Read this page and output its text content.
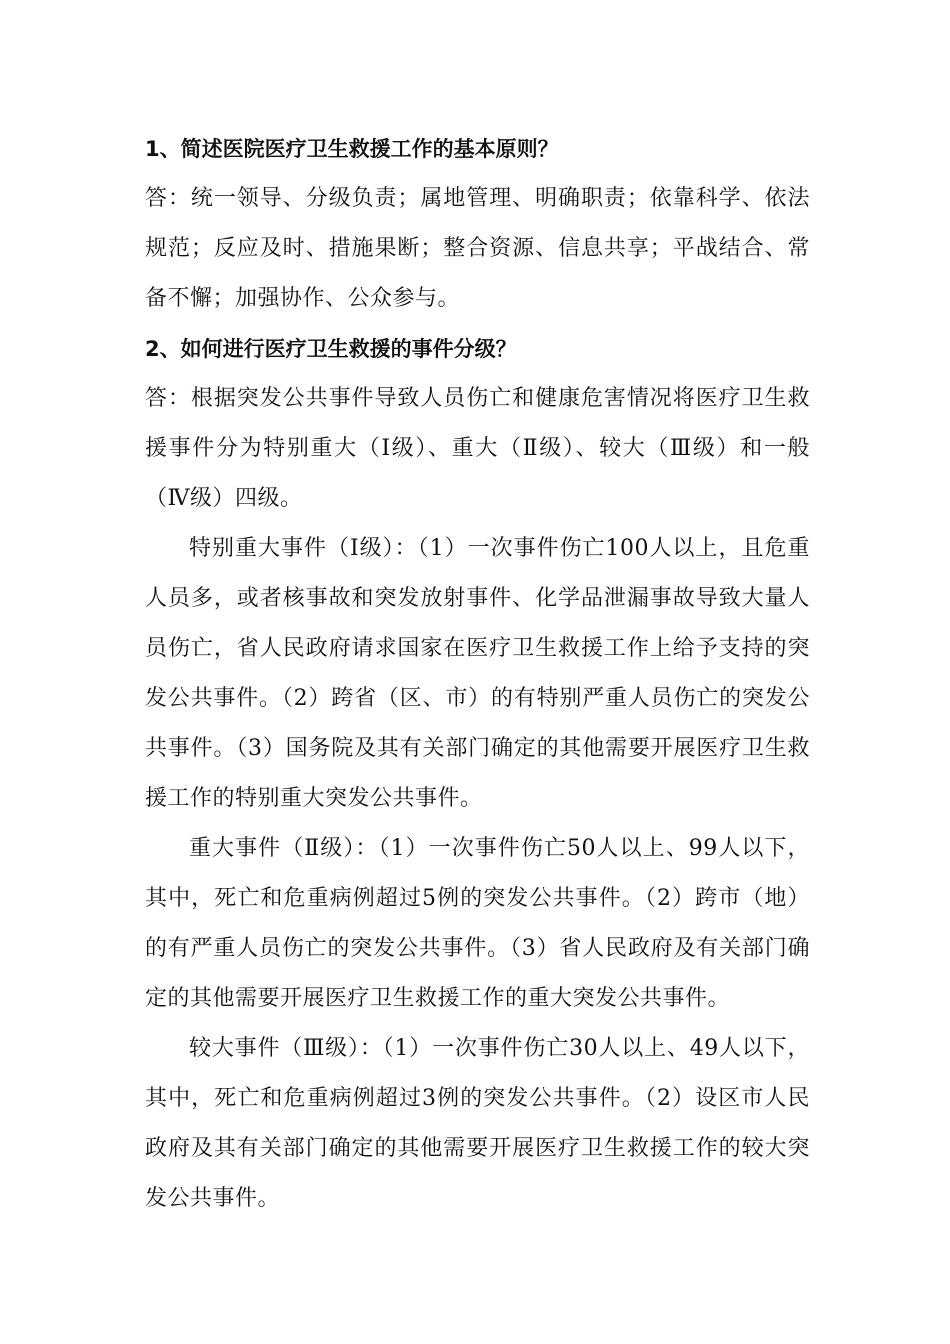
1、简述医院医疗卫生救援工作的基本原则？

答：统一领导、分级负责；属地管理、明确职责；依靠科学、依法规范；反应及时、措施果断；整合资源、信息共享；平战结合、常备不懈；加强协作、公众参与。

2、如何进行医疗卫生救援的事件分级？

答：根据突发公共事件导致人员伤亡和健康危害情况将医疗卫生救援事件分为特别重大（Ⅰ级）、重大（Ⅱ级）、较大（Ⅲ级）和一般（Ⅳ级）四级。

特别重大事件（Ⅰ级）：（1）一次事件伤亡100人以上，且危重人员多，或者核事故和突发放射事件、化学品泄漏事故导致大量人员伤亡，省人民政府请求国家在医疗卫生救援工作上给予支持的突发公共事件。（2）跨省（区、市）的有特别严重人员伤亡的突发公共事件。（3）国务院及其有关部门确定的其他需要开展医疗卫生救援工作的特别重大突发公共事件。

重大事件（Ⅱ级）：（1）一次事件伤亡50人以上、99人以下，其中，死亡和危重病例超过5例的突发公共事件。（2）跨市（地）的有严重人员伤亡的突发公共事件。（3）省人民政府及有关部门确定的其他需要开展医疗卫生救援工作的重大突发公共事件。

较大事件（Ⅲ级）：（1）一次事件伤亡30人以上、49人以下，其中，死亡和危重病例超过3例的突发公共事件。（2）设区市人民政府及其有关部门确定的其他需要开展医疗卫生救援工作的较大突发公共事件。
